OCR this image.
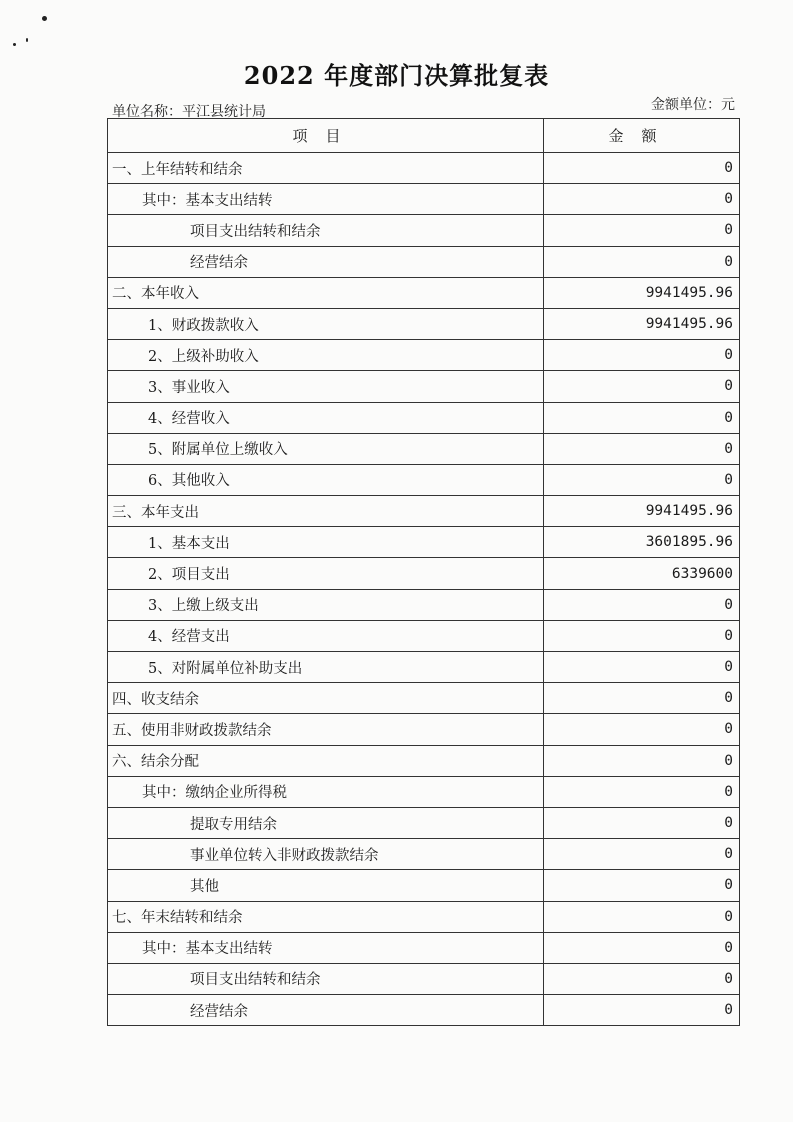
2022 年度部门决算批复表
单位名称：平江县统计局	金额单位：元
项目	金额
一、上年结转和结余	0
其中：基本支出结转	0
项目支出结转和结余	0
经营结余	0
二、本年收入	9941495.96
1、财政拨款收入	9941495.96
2、上级补助收入	0
3、事业收入	0
4、经营收入	0
5、附属单位上缴收入	0
6、其他收入	0
三、本年支出	9941495.96
1、基本支出	3601895.96
2、项目支出	6339600
3、上缴上级支出	0
4、经营支出	0
5、对附属单位补助支出	0
四、收支结余	0
五、使用非财政拨款结余	0
六、结余分配	0
其中：缴纳企业所得税	0
提取专用结余	0
事业单位转入非财政拨款结余	0
其他	0
七、年末结转和结余	0
其中：基本支出结转	0
项目支出结转和结余	0
经营结余	0
